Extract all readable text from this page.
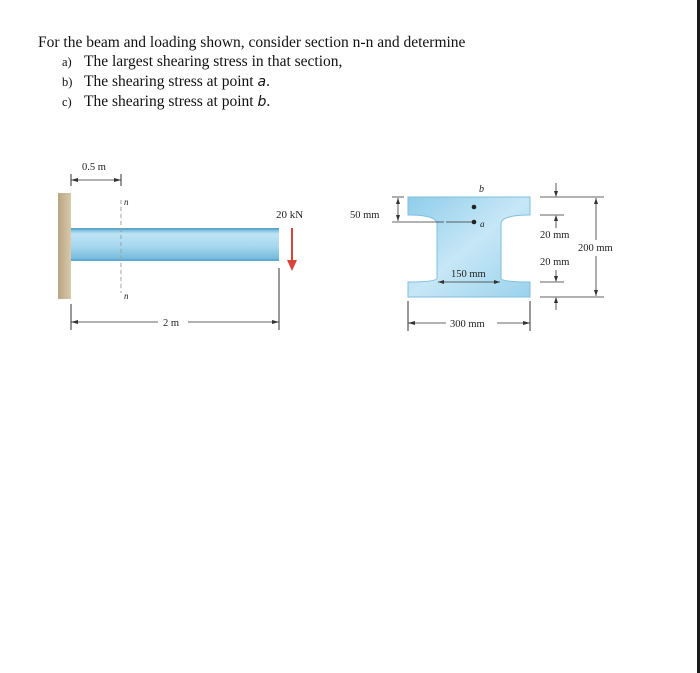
For the beam and loading shown, consider section n-n and determine

a) The largest shearing stress in that section,
b) The shearing stress at point a.
c) The shearing stress at point b.
n
n
0.5 m
20 kN
2 m
50 mm
b
a
150 mm
300 mm
20 mm
20 mm
200 mm
